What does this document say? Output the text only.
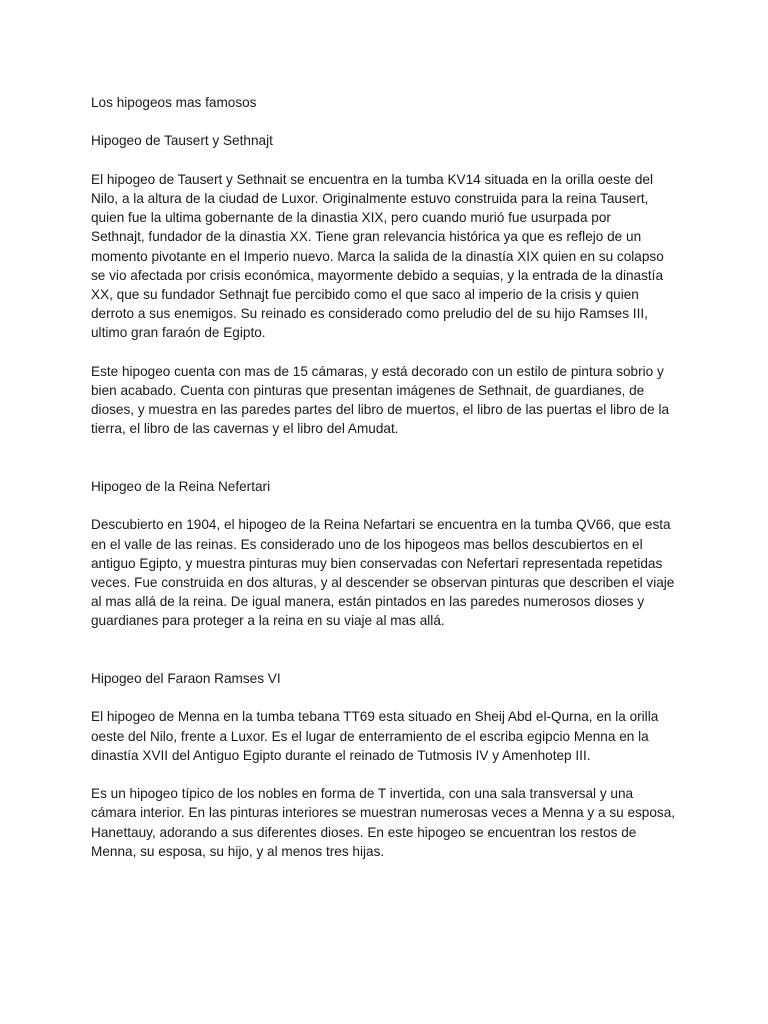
Los hipogeos mas famosos

Hipogeo de Tausert y Sethnajt

El hipogeo de Tausert y Sethnait se encuentra en la tumba KV14 situada en la orilla oeste del
Nilo, a la altura de la ciudad de Luxor. Originalmente estuvo construida para la reina Tausert,
quien fue la ultima gobernante de la dinastia XIX, pero cuando murió fue usurpada por
Sethnajt, fundador de la dinastia XX. Tiene gran relevancia histórica ya que es reflejo de un
momento pivotante en el Imperio nuevo. Marca la salida de la dinastía XIX quien en su colapso
se vio afectada por crisis económica, mayormente debido a sequias, y la entrada de la dinastía
XX, que su fundador Sethnajt fue percibido como el que saco al imperio de la crisis y quien
derroto a sus enemigos. Su reinado es considerado como preludio del de su hijo Ramses III,
ultimo gran faraón de Egipto.

Este hipogeo cuenta con mas de 15 cámaras, y está decorado con un estilo de pintura sobrio y
bien acabado. Cuenta con pinturas que presentan imágenes de Sethnait, de guardianes, de
dioses, y muestra en las paredes partes del libro de muertos, el libro de las puertas el libro de la
tierra, el libro de las cavernas y el libro del Amudat.

Hipogeo de la Reina Nefertari

Descubierto en 1904, el hipogeo de la Reina Nefartari se encuentra en la tumba QV66, que esta
en el valle de las reinas. Es considerado uno de los hipogeos mas bellos descubiertos en el
antiguo Egipto, y muestra pinturas muy bien conservadas con Nefertari representada repetidas
veces. Fue construida en dos alturas, y al descender se observan pinturas que describen el viaje
al mas allá de la reina. De igual manera, están pintados en las paredes numerosos dioses y
guardianes para proteger a la reina en su viaje al mas allá.

Hipogeo del Faraon Ramses VI

El hipogeo de Menna en la tumba tebana TT69 esta situado en Sheij Abd el-Qurna, en la orilla
oeste del Nilo, frente a Luxor. Es el lugar de enterramiento de el escriba egipcio Menna en la
dinastía XVII del Antiguo Egipto durante el reinado de Tutmosis IV y Amenhotep III.

Es un hipogeo típico de los nobles en forma de T invertida, con una sala transversal y una
cámara interior. En las pinturas interiores se muestran numerosas veces a Menna y a su esposa,
Hanettauy, adorando a sus diferentes dioses. En este hipogeo se encuentran los restos de
Menna, su esposa, su hijo, y al menos tres hijas.
